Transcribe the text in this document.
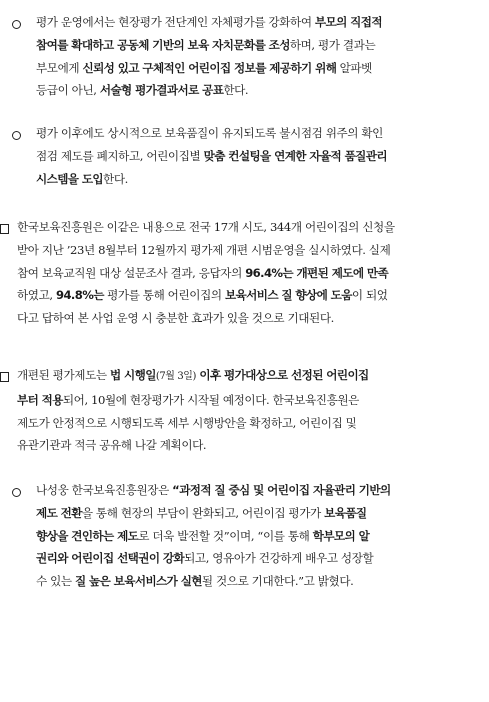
평가 운영에서는 현장평가 전단계인 자체평가를 강화하여 부모의 직접적
참여를 확대하고 공동체 기반의 보육 자치문화를 조성하며, 평가 결과는
부모에게 신뢰성 있고 구체적인 어린이집 정보를 제공하기 위해 알파벳
등급이 아닌, 서술형 평가결과서로 공표한다.
평가 이후에도 상시적으로 보육품질이 유지되도록 불시점검 위주의 확인
점검 제도를 폐지하고, 어린이집별 맞춤 컨설팅을 연계한 자율적 품질관리
시스템을 도입한다.
한국보육진흥원은 이같은 내용으로 전국 17개 시도, 344개 어린이집의 신청을
받아 지난 ’23년 8월부터 12월까지 평가제 개편 시범운영을 실시하였다. 실제
참여 보육교직원 대상 설문조사 결과, 응답자의 96.4%는 개편된 제도에 만족
하였고, 94.8%는 평가를 통해 어린이집의 보육서비스 질 향상에 도움이 되었
다고 답하여 본 사업 운영 시 충분한 효과가 있을 것으로 기대된다.
개편된 평가제도는 법 시행일(7월 3일) 이후 평가대상으로 선정된 어린이집
부터 적용되어, 10월에 현장평가가 시작될 예정이다. 한국보육진흥원은
제도가 안정적으로 시행되도록 세부 시행방안을 확정하고, 어린이집 및
유관기관과 적극 공유해 나갈 계획이다.
나성웅 한국보육진흥원장은 “과정적 질 중심 및 어린이집 자율관리 기반의
제도 전환을 통해 현장의 부담이 완화되고, 어린이집 평가가 보육품질
향상을 견인하는 제도로 더욱 발전할 것”이며, “이를 통해 학부모의 알
권리와 어린이집 선택권이 강화되고, 영유아가 건강하게 배우고 성장할
수 있는 질 높은 보육서비스가 실현될 것으로 기대한다.”고 밝혔다.
